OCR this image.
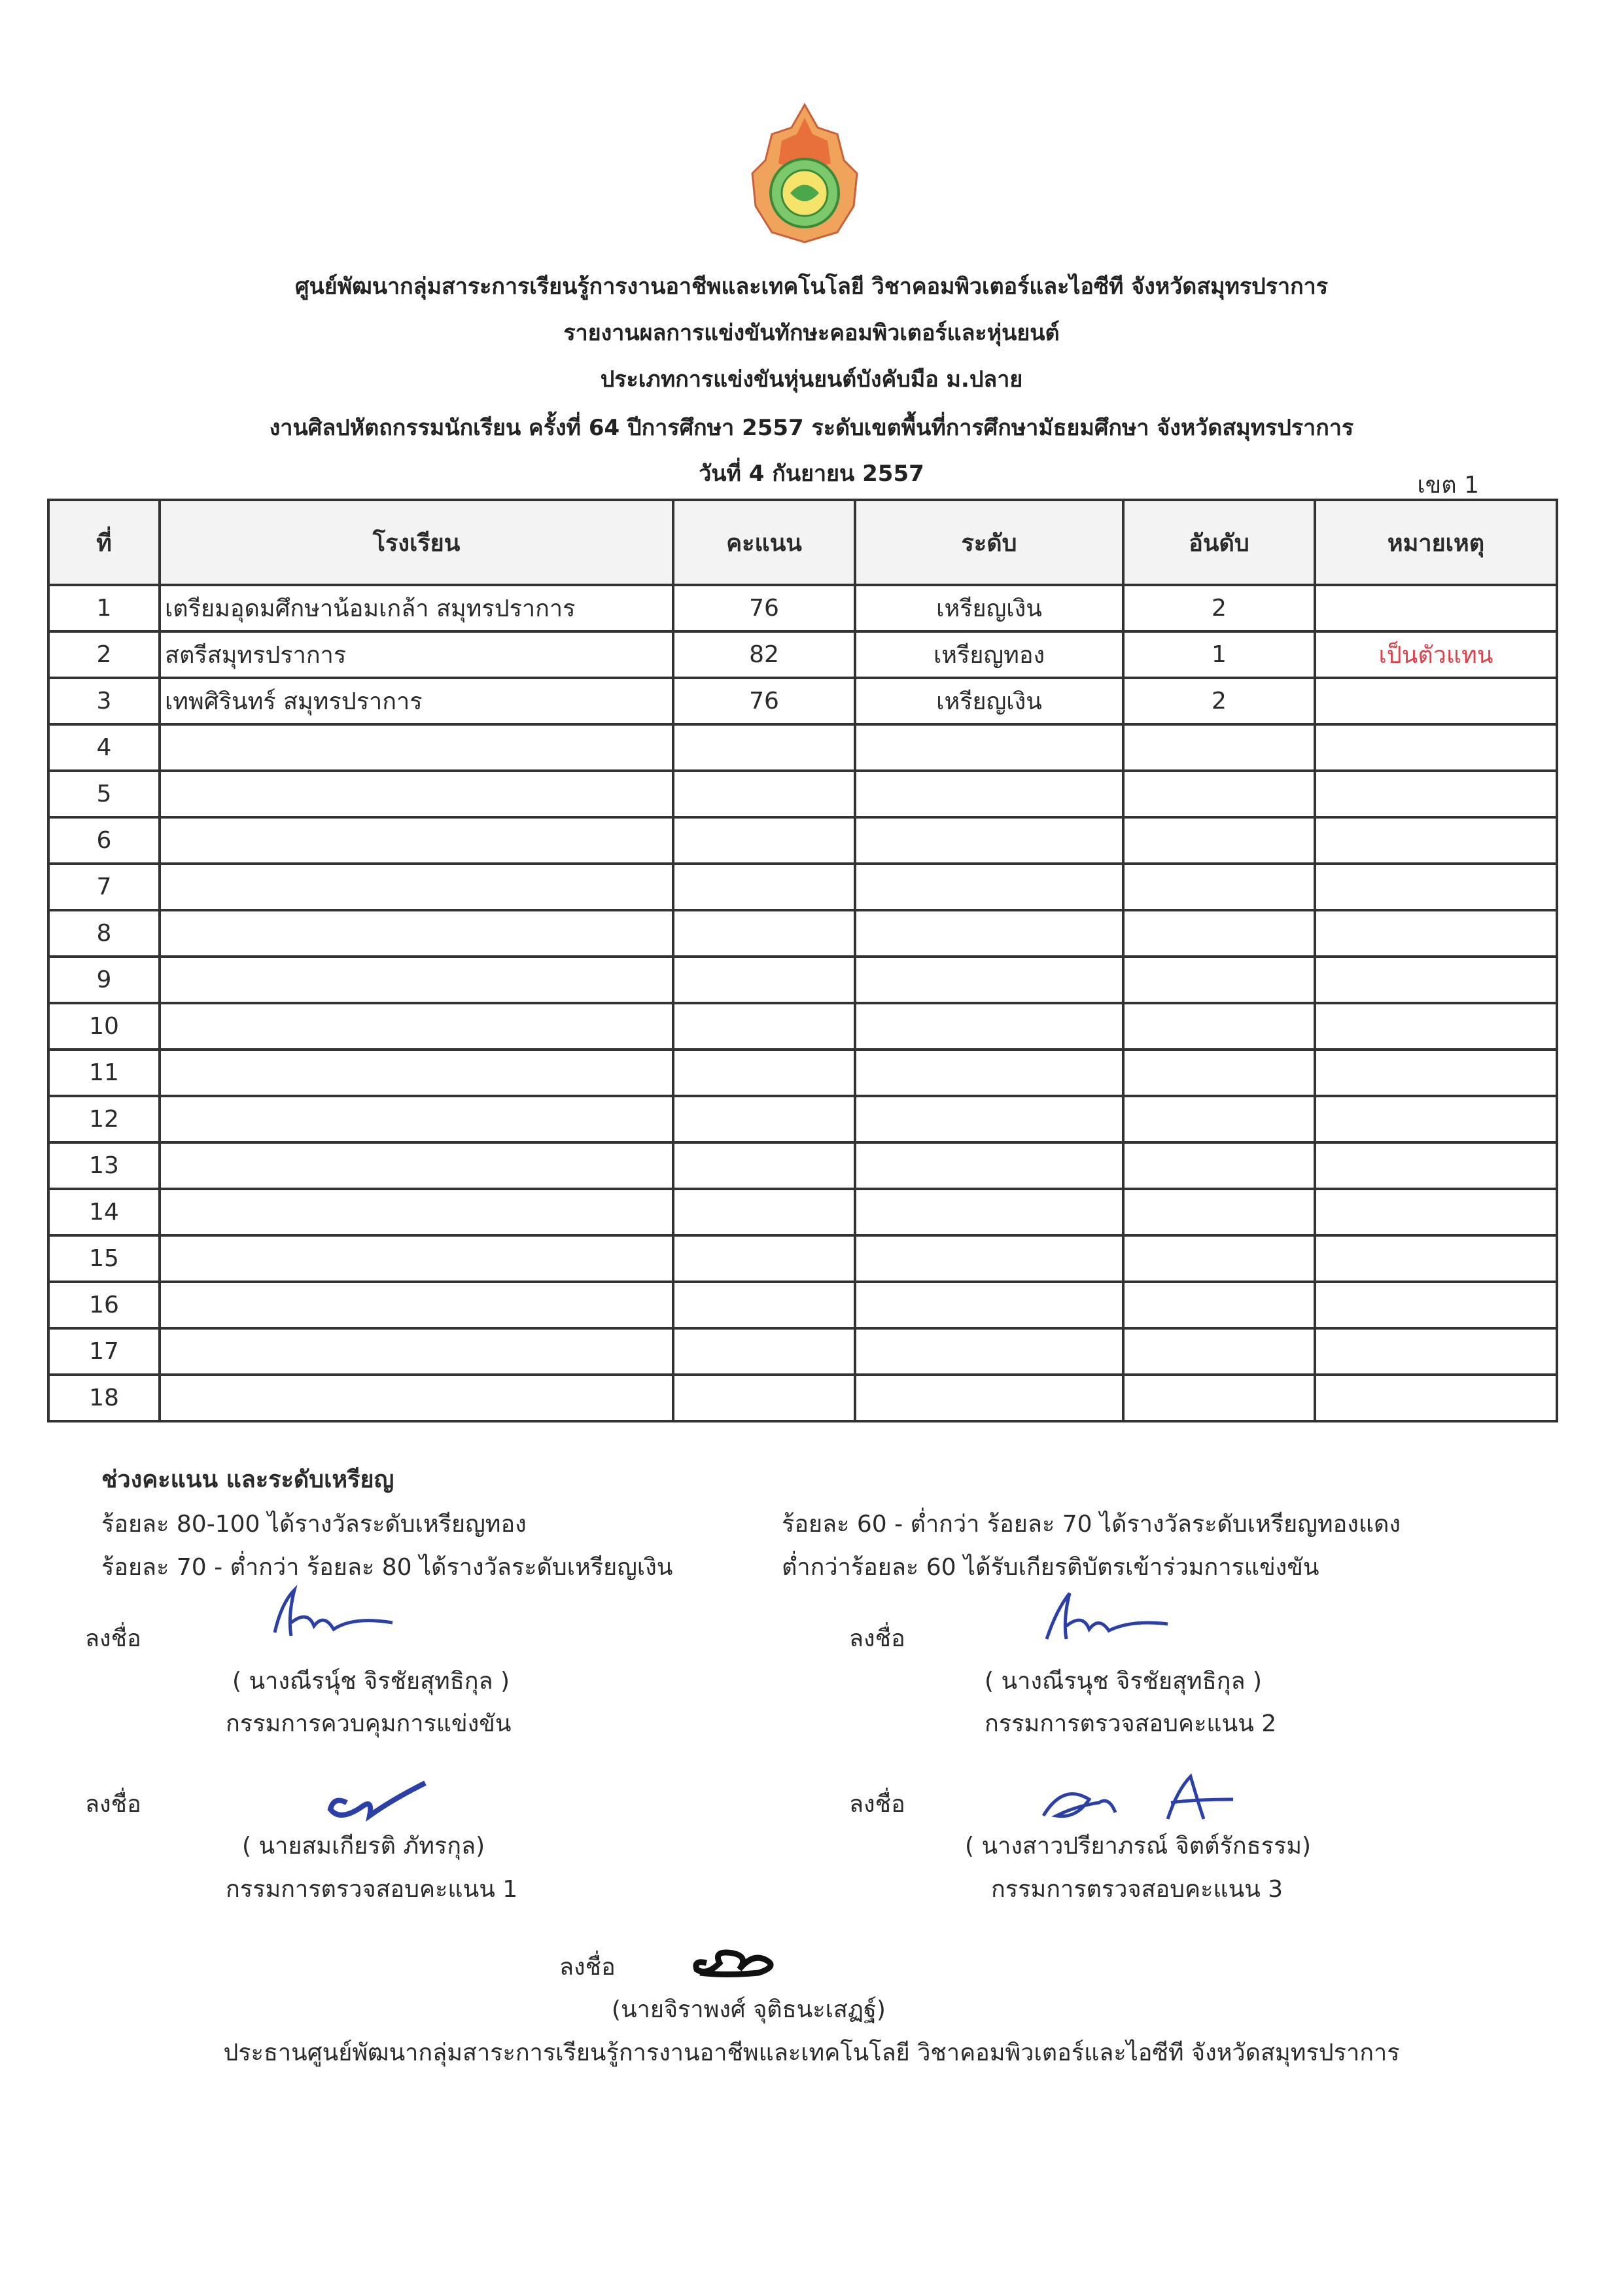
ศูนย์พัฒนากลุ่มสาระการเรียนรู้การงานอาชีพและเทคโนโลยี วิชาคอมพิวเตอร์และไอซีที จังหวัดสมุทรปราการ
รายงานผลการแข่งขันทักษะคอมพิวเตอร์และหุ่นยนต์
ประเภทการแข่งขันหุ่นยนต์บังคับมือ ม.ปลาย
งานศิลปหัตถกรรมนักเรียน ครั้งที่ 64 ปีการศึกษา 2557 ระดับเขตพื้นที่การศึกษามัธยมศึกษา จังหวัดสมุทรปราการ
วันที่ 4 กันยายน 2557	เขต 1
ที่	โรงเรียน	คะแนน	ระดับ	อันดับ	หมายเหตุ
1	เตรียมอุดมศึกษาน้อมเกล้า สมุทรปราการ	76	เหรียญเงิน	2	
2	สตรีสมุทรปราการ	82	เหรียญทอง	1	เป็นตัวแทน
3	เทพศิรินทร์ สมุทรปราการ	76	เหรียญเงิน	2	
4					
5					
6					
7					
8					
9					
10					
11					
12					
13					
14					
15					
16					
17					
18					
ช่วงคะแนน และระดับเหรียญ
ร้อยละ 80-100 ได้รางวัลระดับเหรียญทอง
ร้อยละ 70 - ต่ำกว่า ร้อยละ 80 ได้รางวัลระดับเหรียญเงิน
ร้อยละ 60 - ต่ำกว่า ร้อยละ 70 ได้รางวัลระดับเหรียญทองแดง
ต่ำกว่าร้อยละ 60 ได้รับเกียรติบัตรเข้าร่วมการแข่งขัน
ลงชื่อ
( นางณีรนุ์ช จิรชัยสุทธิกุล )
กรรมการควบคุมการแข่งขัน
ลงชื่อ
( นางณีรนุช จิรชัยสุทธิกุล )
กรรมการตรวจสอบคะแนน 2
ลงชื่อ
( นายสมเกียรติ ภัทรกุล)
กรรมการตรวจสอบคะแนน 1
ลงชื่อ
( นางสาวปรียาภรณ์ จิตต์รักธรรม)
กรรมการตรวจสอบคะแนน 3
ลงชื่อ
(นายจิราพงศ์ จุติธนะเสฏฐ์)
ประธานศูนย์พัฒนากลุ่มสาระการเรียนรู้การงานอาชีพและเทคโนโลยี วิชาคอมพิวเตอร์และไอซีที จังหวัดสมุทรปราการ
